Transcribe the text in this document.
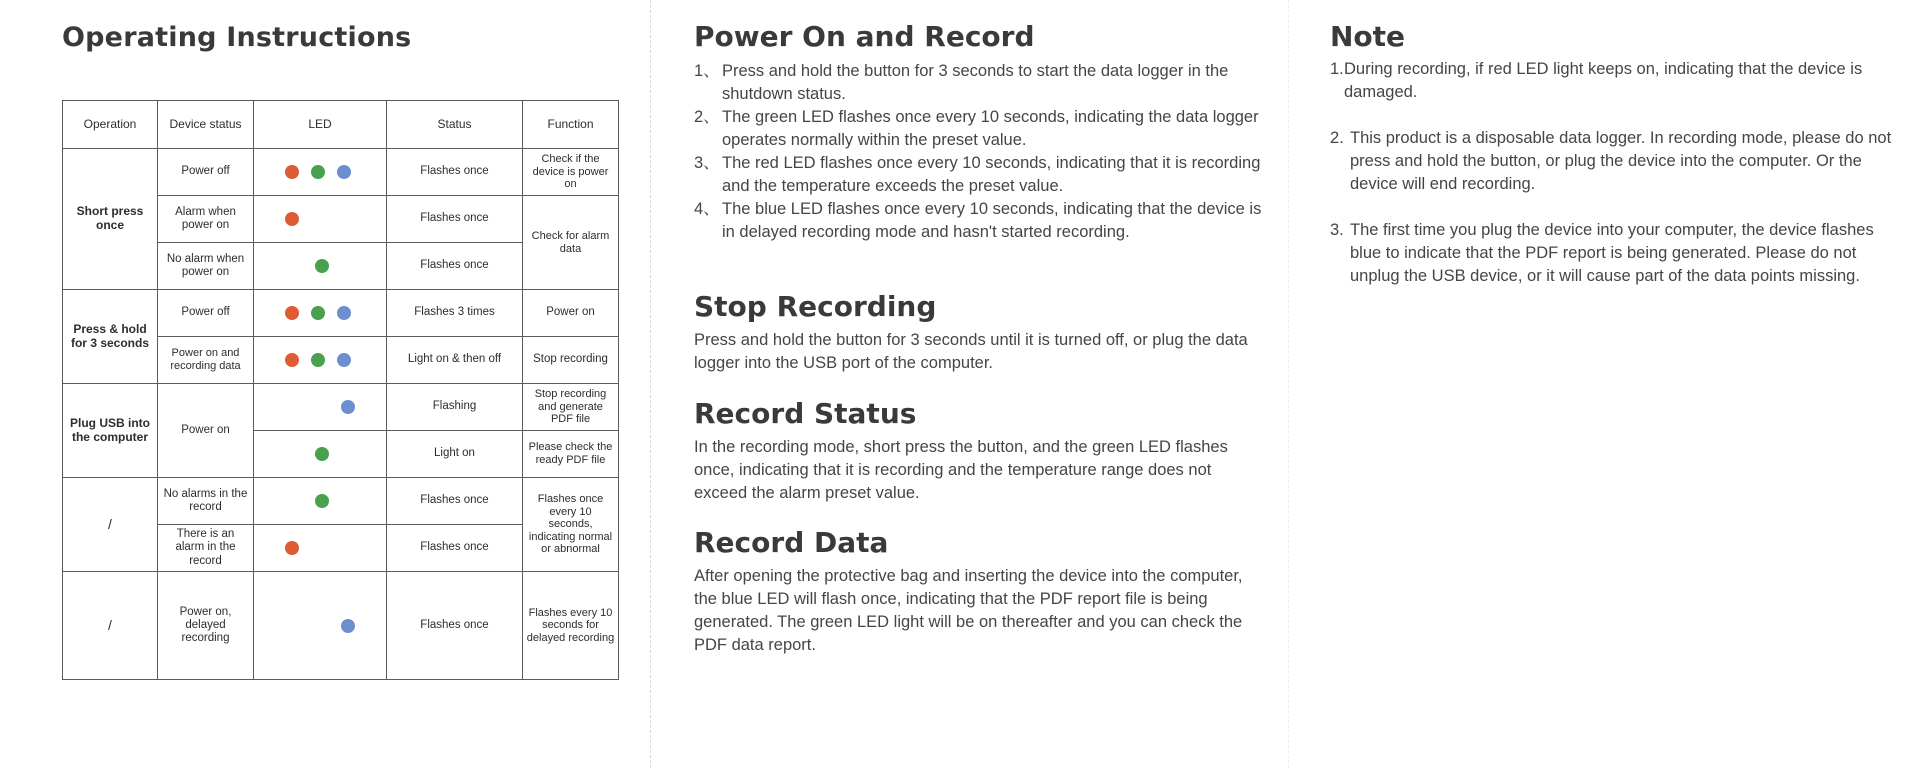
Operating Instructions
Operation	Device status	LED	Status	Function
Short press once	Power off		Flashes once	Check if the device is power on
	Alarm when power on		Flashes once	Check for alarm data
	No alarm when power on		Flashes once	
Press & hold for 3 seconds	Power off		Flashes 3 times	Power on
	Power on and recording data		Light on & then off	Stop recording
Plug USB into the computer	Power on		Flashing	Stop recording and generate PDF file

			Light on	Please check the ready PDF file
/	No alarms in the record		Flashes once	Flashes once every 10 seconds, indicating normal or abnormal
	There is an alarm in the record		Flashes once	
/	Power on, delayed recording		Flashes once	Flashes every 10 seconds for delayed recording
Power On and Record
1、 Press and hold the button for 3 seconds to start the data logger in the shutdown status.
2、 The green LED flashes once every 10 seconds, indicating the data logger operates normally within the preset value.
3、 The red LED flashes once every 10 seconds, indicating that it is recording and the temperature exceeds the preset value.
4、 The blue LED flashes once every 10 seconds, indicating that the device is in delayed recording mode and hasn't started recording.
Stop Recording

Press and hold the button for 3 seconds until it is turned off, or plug the data logger into the USB port of the computer.

Record Status

In the recording mode, short press the button, and the green LED flashes once, indicating that it is recording and the temperature range does not exceed the alarm preset value.

Record Data

After opening the protective bag and inserting the device into the computer, the blue LED will flash once, indicating that the PDF report file is being generated. The green LED light will be on thereafter and you can check the PDF data report.

Note
1. During recording, if red LED light keeps on, indicating that the device is damaged.
2. This product is a disposable data logger. In recording mode, please do not press and hold the button, or plug the device into the computer. Or the device will end recording.
3. The first time you plug the device into your computer, the device flashes blue to indicate that the PDF report is being generated. Please do not unplug the USB device, or it will cause part of the data points missing.
